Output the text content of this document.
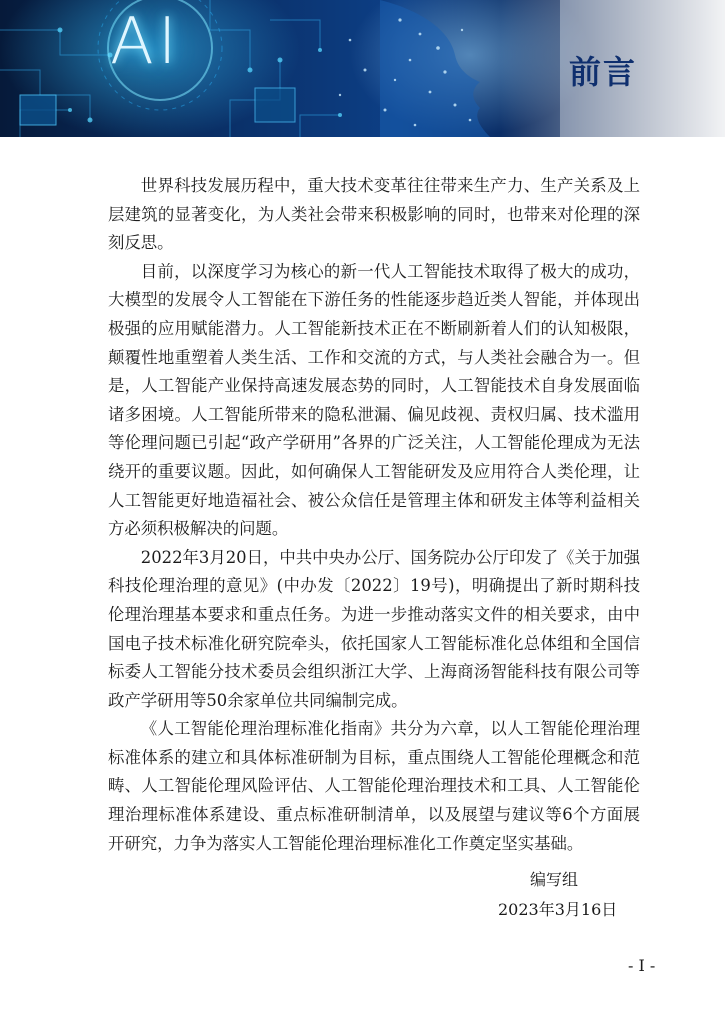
AI	前言

世界科技发展历程中，重大技术变革往往带来生产力、生产关系及上层建筑的显著变化，为人类社会带来积极影响的同时，也带来对伦理的深刻反思。

目前，以深度学习为核心的新一代人工智能技术取得了极大的成功，大模型的发展令人工智能在下游任务的性能逐步趋近类人智能，并体现出极强的应用赋能潜力。人工智能新技术正在不断刷新着人们的认知极限，颠覆性地重塑着人类生活、工作和交流的方式，与人类社会融合为一。但是，人工智能产业保持高速发展态势的同时，人工智能技术自身发展面临诸多困境。人工智能所带来的隐私泄漏、偏见歧视、责权归属、技术滥用等伦理问题已引起“政产学研用”各界的广泛关注，人工智能伦理成为无法绕开的重要议题。因此，如何确保人工智能研发及应用符合人类伦理，让人工智能更好地造福社会、被公众信任是管理主体和研发主体等利益相关方必须积极解决的问题。

2022年3月20日，中共中央办公厅、国务院办公厅印发了《关于加强科技伦理治理的意见》(中办发〔2022〕19号)，明确提出了新时期科技伦理治理基本要求和重点任务。为进一步推动落实文件的相关要求，由中国电子技术标准化研究院牵头，依托国家人工智能标准化总体组和全国信标委人工智能分技术委员会组织浙江大学、上海商汤智能科技有限公司等政产学研用等50余家单位共同编制完成。

《人工智能伦理治理标准化指南》共分为六章，以人工智能伦理治理标准体系的建立和具体标准研制为目标，重点围绕人工智能伦理概念和范畴、人工智能伦理风险评估、人工智能伦理治理技术和工具、人工智能伦理治理标准体系建设、重点标准研制清单，以及展望与建议等6个方面展开研究，力争为落实人工智能伦理治理标准化工作奠定坚实基础。

编写组
2023年3月16日
- I -
